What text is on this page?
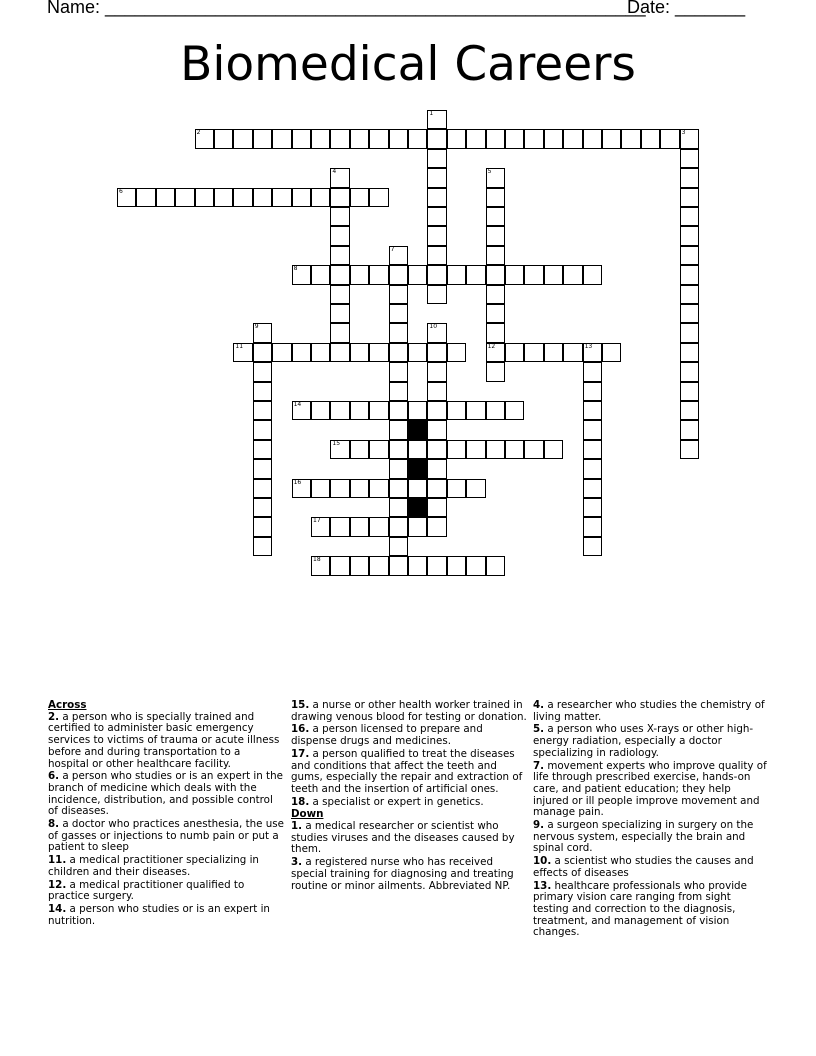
Name: ______________________________________________________
Date: _______
Biomedical Careers
1
2	3
4	5
12
6
7
8
9	10
11	13
14
15
16
17
18
Across
2. a person who is specially trained and certified to administer basic emergency services to victims of trauma or acute illness before and during transportation to a hospital or other healthcare facility.
6. a person who studies or is an expert in the branch of medicine which deals with the incidence, distribution, and possible control of diseases.
8. a doctor who practices anesthesia, the use of gasses or injections to numb pain or put a patient to sleep
11. a medical practitioner specializing in children and their diseases.
12. a medical practitioner qualified to practice surgery.
14. a person who studies or is an expert in nutrition.
15. a nurse or other health worker trained in drawing venous blood for testing or donation.
16. a person licensed to prepare and dispense drugs and medicines.
17. a person qualified to treat the diseases and conditions that affect the teeth and gums, especially the repair and extraction of teeth and the insertion of artificial ones.
18. a specialist or expert in genetics.
Down
1. a medical researcher or scientist who studies viruses and the diseases caused by them.
3. a registered nurse who has received special training for diagnosing and treating routine or minor ailments. Abbreviated NP.
4. a researcher who studies the chemistry of living matter.
5. a person who uses X-rays or other high-energy radiation, especially a doctor specializing in radiology.
7. movement experts who improve quality of life through prescribed exercise, hands-on care, and patient education; they help injured or ill people improve movement and manage pain.
9. a surgeon specializing in surgery on the nervous system, especially the brain and spinal cord.
10. a scientist who studies the causes and effects of diseases
13. healthcare professionals who provide primary vision care ranging from sight testing and correction to the diagnosis, treatment, and management of vision changes.
